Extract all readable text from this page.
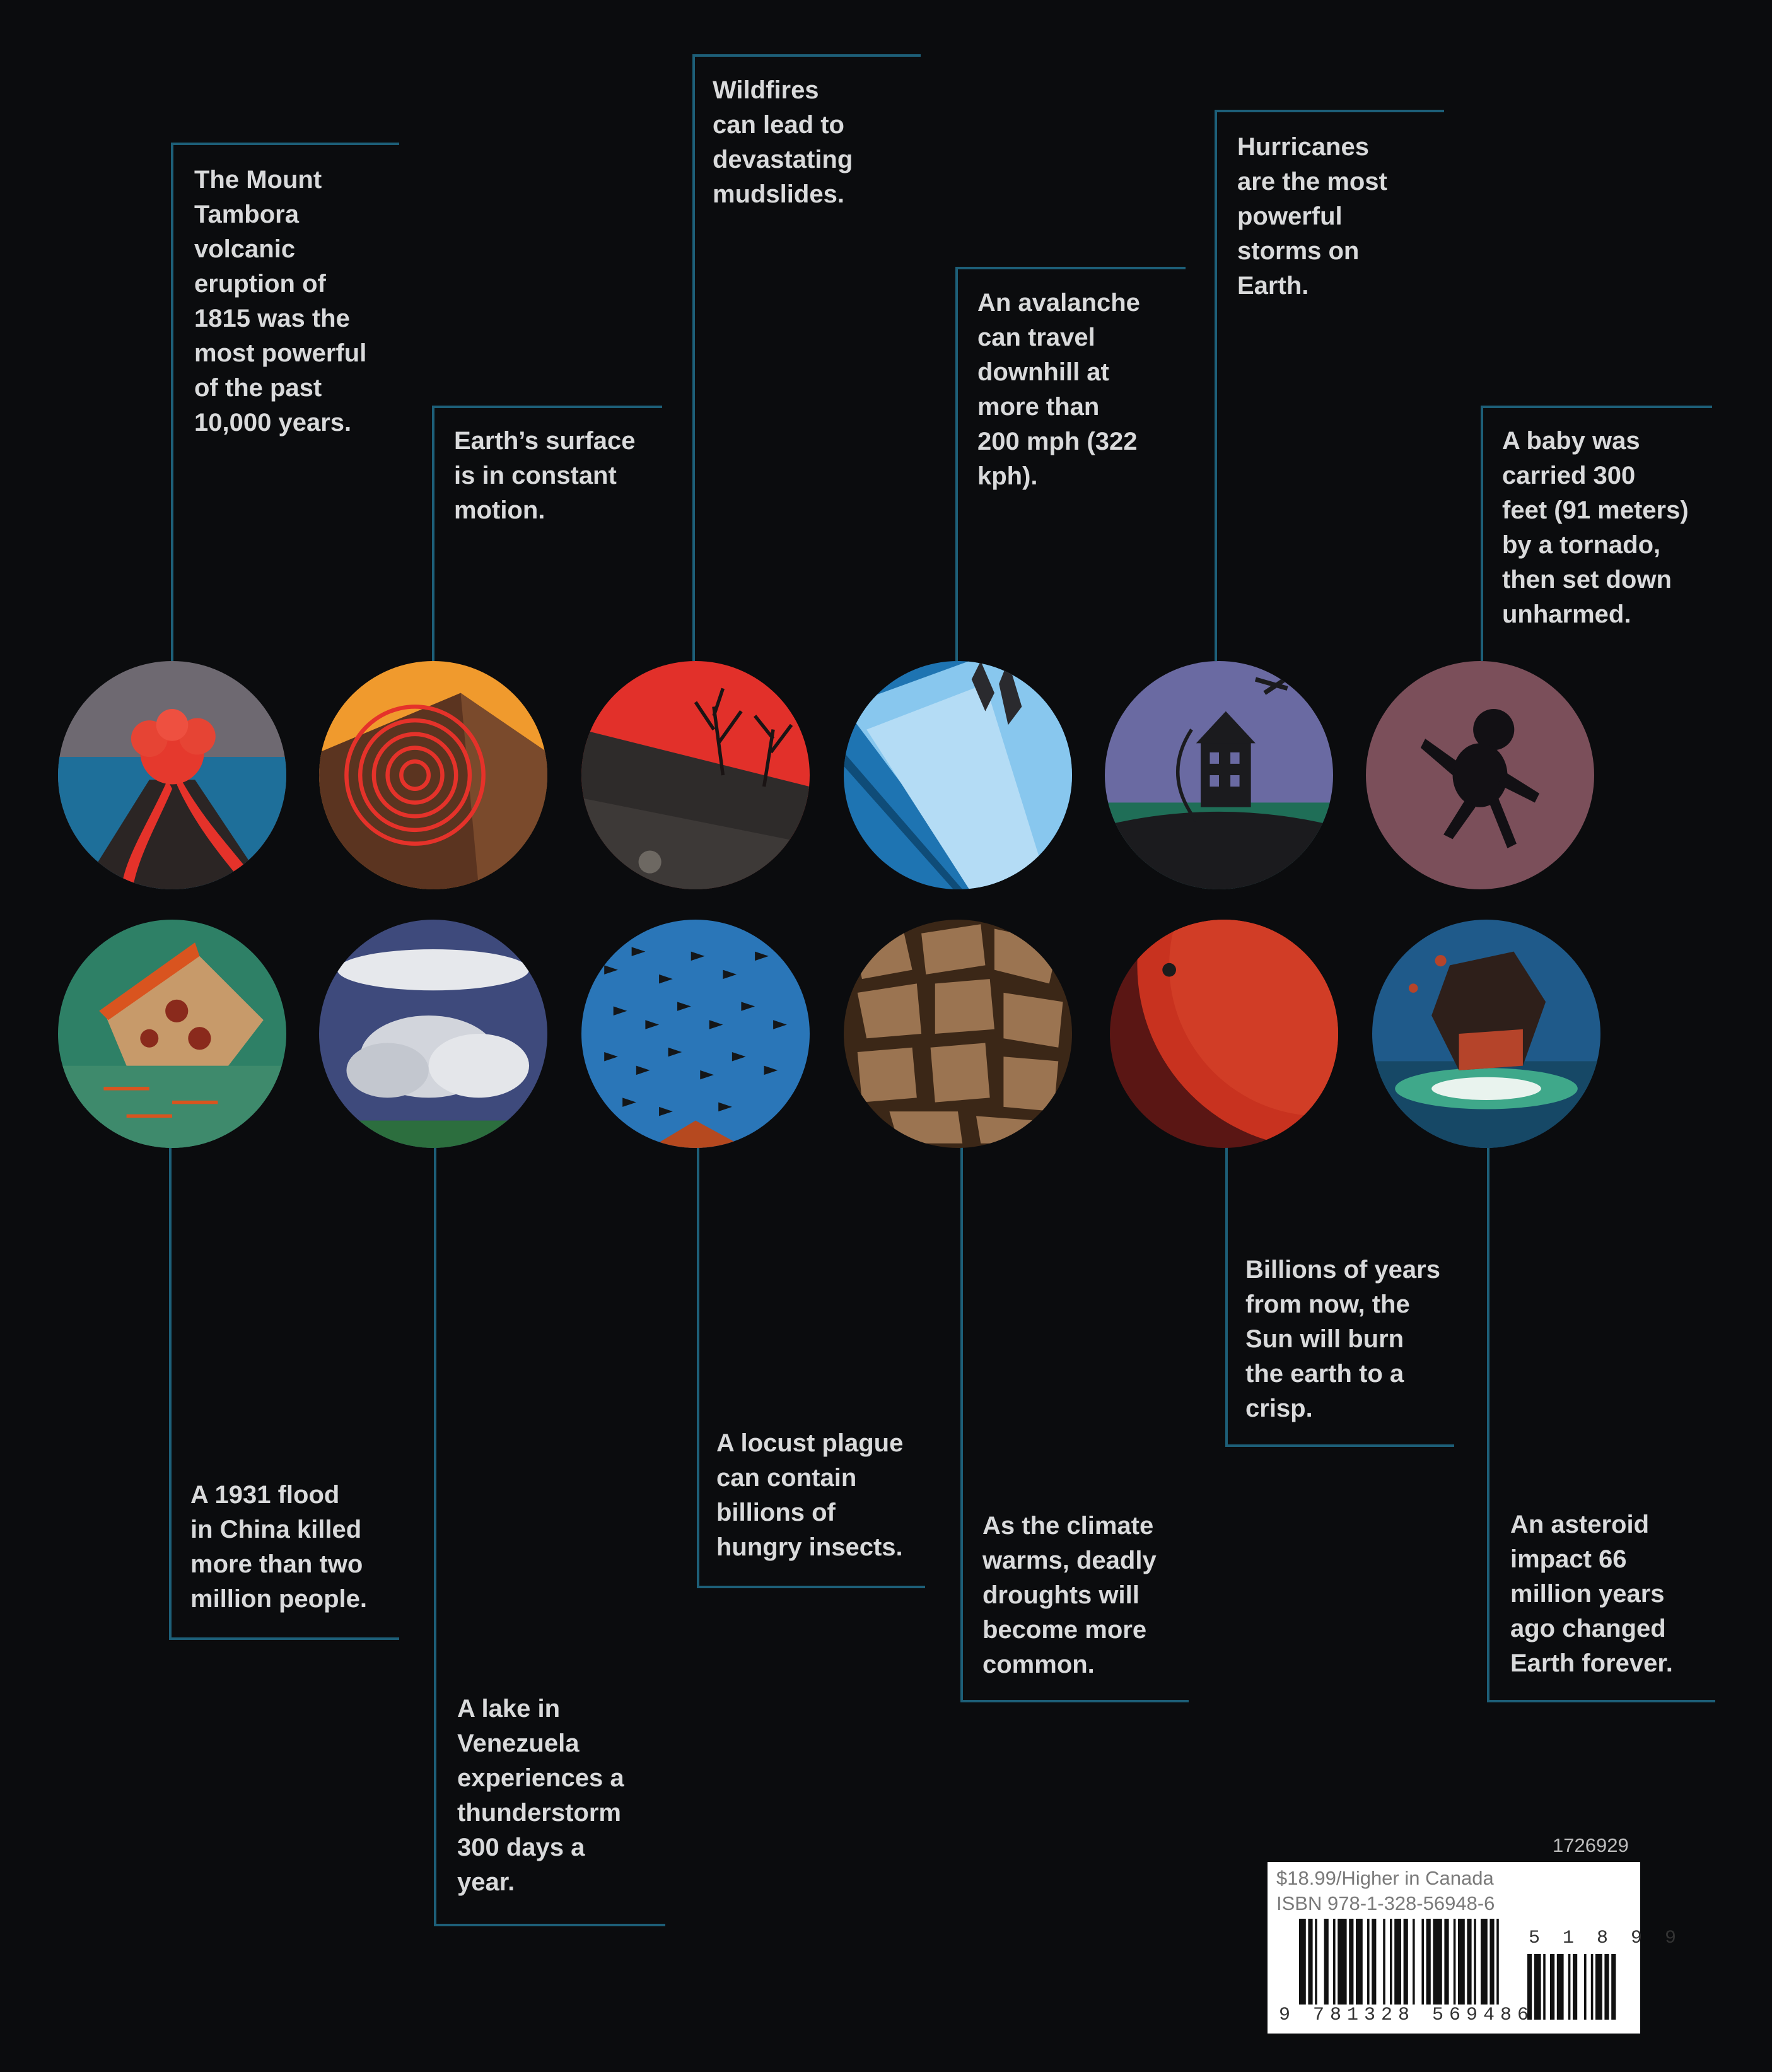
The Mount
Tambora
volcanic
eruption of
1815 was the
most powerful
of the past
10,000 years.
Earth’s surface
is in constant
motion.
Wildfires
can lead to
devastating
mudslides.
An avalanche
can travel
downhill at
more than
200 mph (322
kph).
Hurricanes
are the most
powerful
storms on
Earth.
A baby was
carried 300
feet (91 meters)
by a tornado,
then set down
unharmed.
A 1931 flood
in China killed
more than two
million people.
A lake in
Venezuela
experiences a
thunderstorm
300 days a
year.
A locust plague
can contain
billions of
hungry insects.
As the climate
warms, deadly
droughts will
become more
common.
Billions of years
from now, the
Sun will burn
the earth to a
crisp.
An asteroid
impact 66
million years
ago changed
Earth forever.
1726929
$18.99/Higher in Canada
ISBN 978-1-328-56948-6
9 781328 569486
5 1 8 9 9
